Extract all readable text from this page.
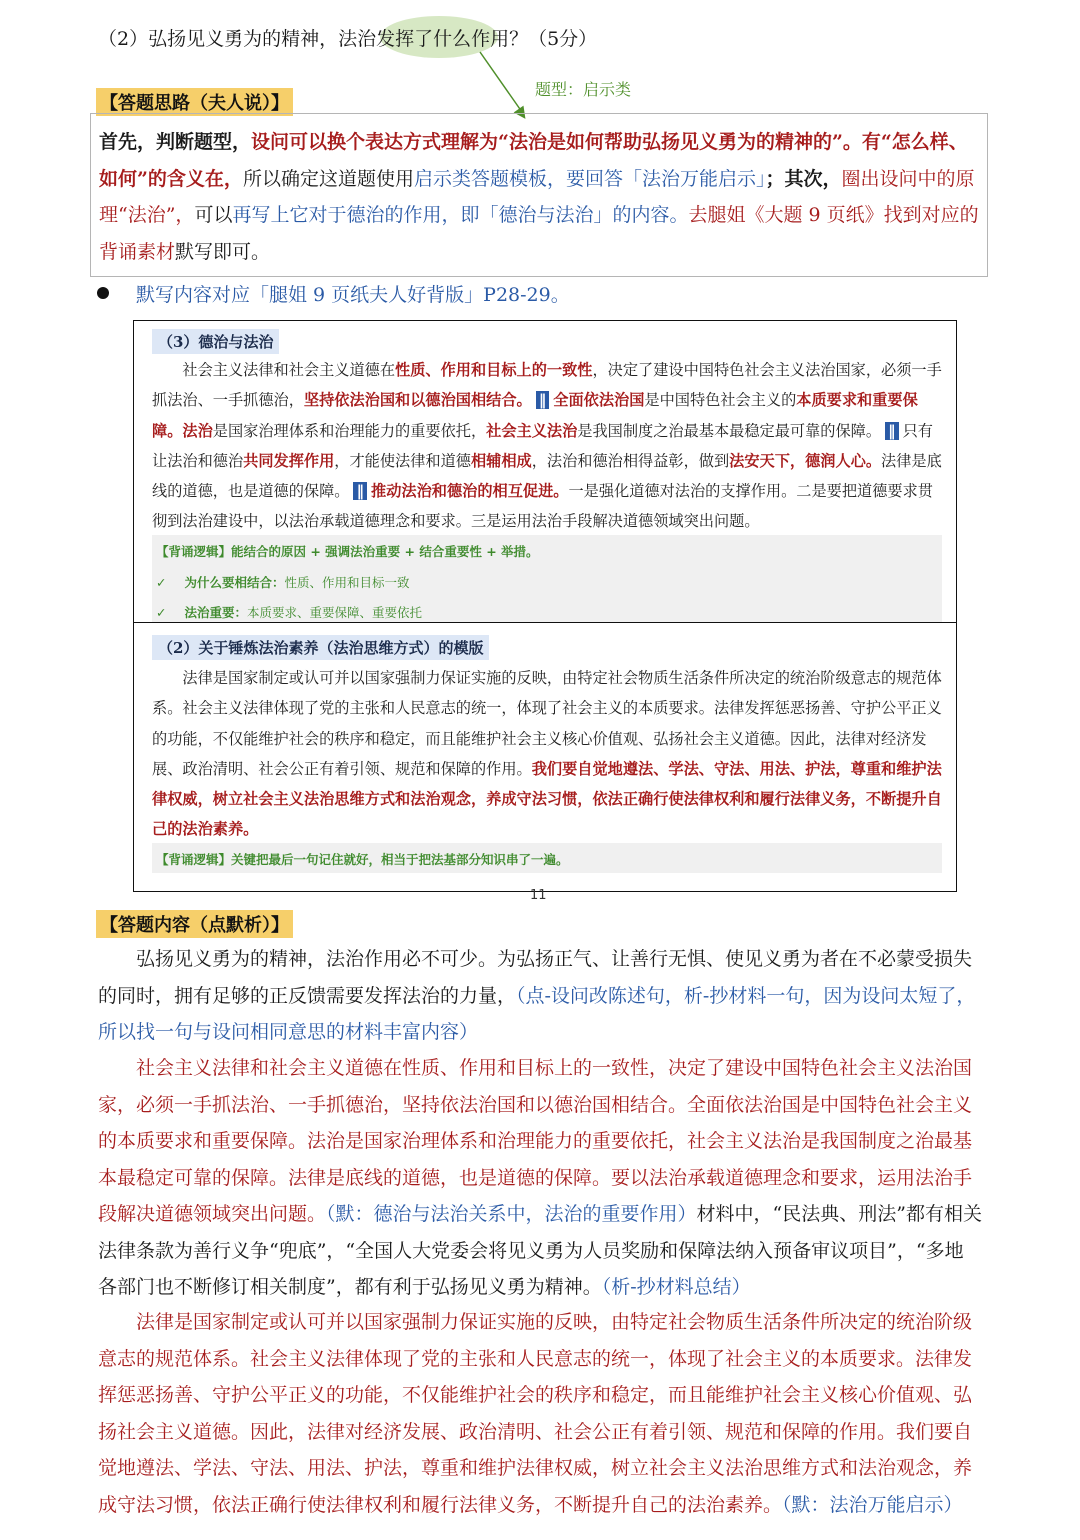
（2）弘扬见义勇为的精神，法治发挥了什么作用？（5分）
题型：启示类
【答题思路（夫人说）】
首先，判断题型，设问可以换个表达方式理解为“法治是如何帮助弘扬见义勇为的精神的”。有“怎么样、如何”的含义在，所以确定这道题使用启示类答题模板，要回答「法治万能启示」；其次，圈出设问中的原理“法治”，可以再写上它对于德治的作用，即「德治与法治」的内容。去腿姐《大题 9 页纸》找到对应的背诵素材默写即可。
默写内容对应「腿姐 9 页纸夫人好背版」P28-29。
（3）德治与法治
社会主义法律和社会主义道德在性质、作用和目标上的一致性，决定了建设中国特色社会主义法治国家，必须一手抓法治、一手抓德治，坚持依法治国和以德治国相结合。 ‖ 全面依法治国是中国特色社会主义的本质要求和重要保障。法治是国家治理体系和治理能力的重要依托，社会主义法治是我国制度之治最基本最稳定最可靠的保障。 ‖ 只有让法治和德治共同发挥作用，才能使法律和道德相辅相成，法治和德治相得益彰，做到法安天下，德润人心。法律是底线的道德，也是道德的保障。 ‖ 推动法治和德治的相互促进。一是强化道德对法治的支撑作用。二是要把道德要求贯彻到法治建设中，以法治承载道德理念和要求。三是运用法治手段解决道德领域突出问题。
【背诵逻辑】能结合的原因 + 强调法治重要 + 结合重要性 + 举措。
✓ 为什么要相结合：性质、作用和目标一致
✓ 法治重要：本质要求、重要保障、重要依托
（2）关于锤炼法治素养（法治思维方式）的模版
法律是国家制定或认可并以国家强制力保证实施的反映，由特定社会物质生活条件所决定的统治阶级意志的规范体系。社会主义法律体现了党的主张和人民意志的统一，体现了社会主义的本质要求。法律发挥惩恶扬善、守护公平正义的功能，不仅能维护社会的秩序和稳定，而且能维护社会主义核心价值观、弘扬社会主义道德。因此，法律对经济发展、政治清明、社会公正有着引领、规范和保障的作用。我们要自觉地遵法、学法、守法、用法、护法，尊重和维护法律权威，树立社会主义法治思维方式和法治观念，养成守法习惯，依法正确行使法律权利和履行法律义务，不断提升自己的法治素养。
【背诵逻辑】关键把最后一句记住就好，相当于把法基部分知识串了一遍。
11
【答题内容（点默析）】
弘扬见义勇为的精神，法治作用必不可少。为弘扬正气、让善行无惧、使见义勇为者在不必蒙受损失的同时，拥有足够的正反馈需要发挥法治的力量，（点-设问改陈述句，析-抄材料一句，因为设问太短了，所以找一句与设问相同意思的材料丰富内容）
社会主义法律和社会主义道德在性质、作用和目标上的一致性，决定了建设中国特色社会主义法治国家，必须一手抓法治、一手抓德治，坚持依法治国和以德治国相结合。全面依法治国是中国特色社会主义的本质要求和重要保障。法治是国家治理体系和治理能力的重要依托，社会主义法治是我国制度之治最基本最稳定可靠的保障。法律是底线的道德，也是道德的保障。要以法治承载道德理念和要求，运用法治手段解决道德领域突出问题。（默：德治与法治关系中，法治的重要作用）材料中，“民法典、刑法”都有相关法律条款为善行义争“兜底”，“全国人大党委会将见义勇为人员奖励和保障法纳入预备审议项目”，“多地各部门也不断修订相关制度”，都有利于弘扬见义勇为精神。（析-抄材料总结）
法律是国家制定或认可并以国家强制力保证实施的反映，由特定社会物质生活条件所决定的统治阶级意志的规范体系。社会主义法律体现了党的主张和人民意志的统一，体现了社会主义的本质要求。法律发挥惩恶扬善、守护公平正义的功能，不仅能维护社会的秩序和稳定，而且能维护社会主义核心价值观、弘扬社会主义道德。因此，法律对经济发展、政治清明、社会公正有着引领、规范和保障的作用。我们要自觉地遵法、学法、守法、用法、护法，尊重和维护法律权威，树立社会主义法治思维方式和法治观念，养成守法习惯，依法正确行使法律权利和履行法律义务，不断提升自己的法治素养。（默：法治万能启示）
